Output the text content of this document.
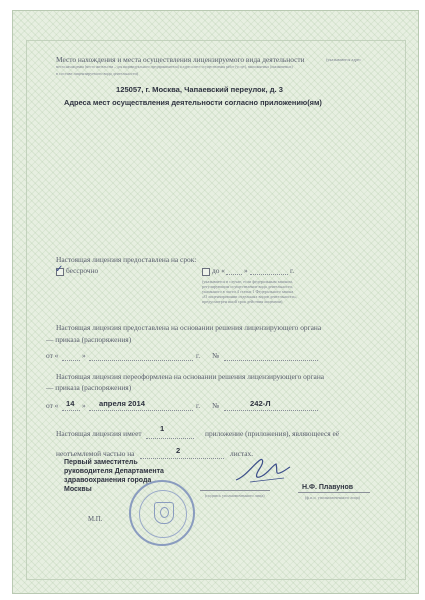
Место нахождения и места осуществления лицензируемого вида деятельности	(указываются адрес
места нахождения (место жительства – для индивидуального предпринимателя) и адреса мест осуществления работ (услуг), выполняемых (оказываемых)
в составе лицензируемого вида деятельности)
125057, г. Москва, Чапаевский переулок, д. 3
Адреса мест осуществления деятельности согласно приложению(ям)
Настоящая лицензия предоставлена на срок:
✓ бессрочно	до «	»	г.
(указывается в случае, если федеральным законом,
регулирующим осуществление вида деятельности,
указанного в части 4 статьи 1 Федерального закона
«О лицензировании отдельных видов деятельности»,
предусмотрен иной срок действия лицензии)
Настоящая лицензия предоставлена на основании решения лицензирующего органа
— приказа (распоряжения)
от «	»	г. №
Настоящая лицензия переоформлена на основании решения лицензирующего органа
— приказа (распоряжения)
от « 14 » апреля 2014	г. №	242-Л
Настоящая лицензия имеет
1
приложение (приложения), являющееся её
неотъемлемой частью на	2	листах.
Первый заместитель
руководителя Департамента
здравоохранения города
Москвы
(подпись уполномоченного лица)
Н.Ф. Плавунов
(ф.и.о. уполномоченного лица)
М.П.
